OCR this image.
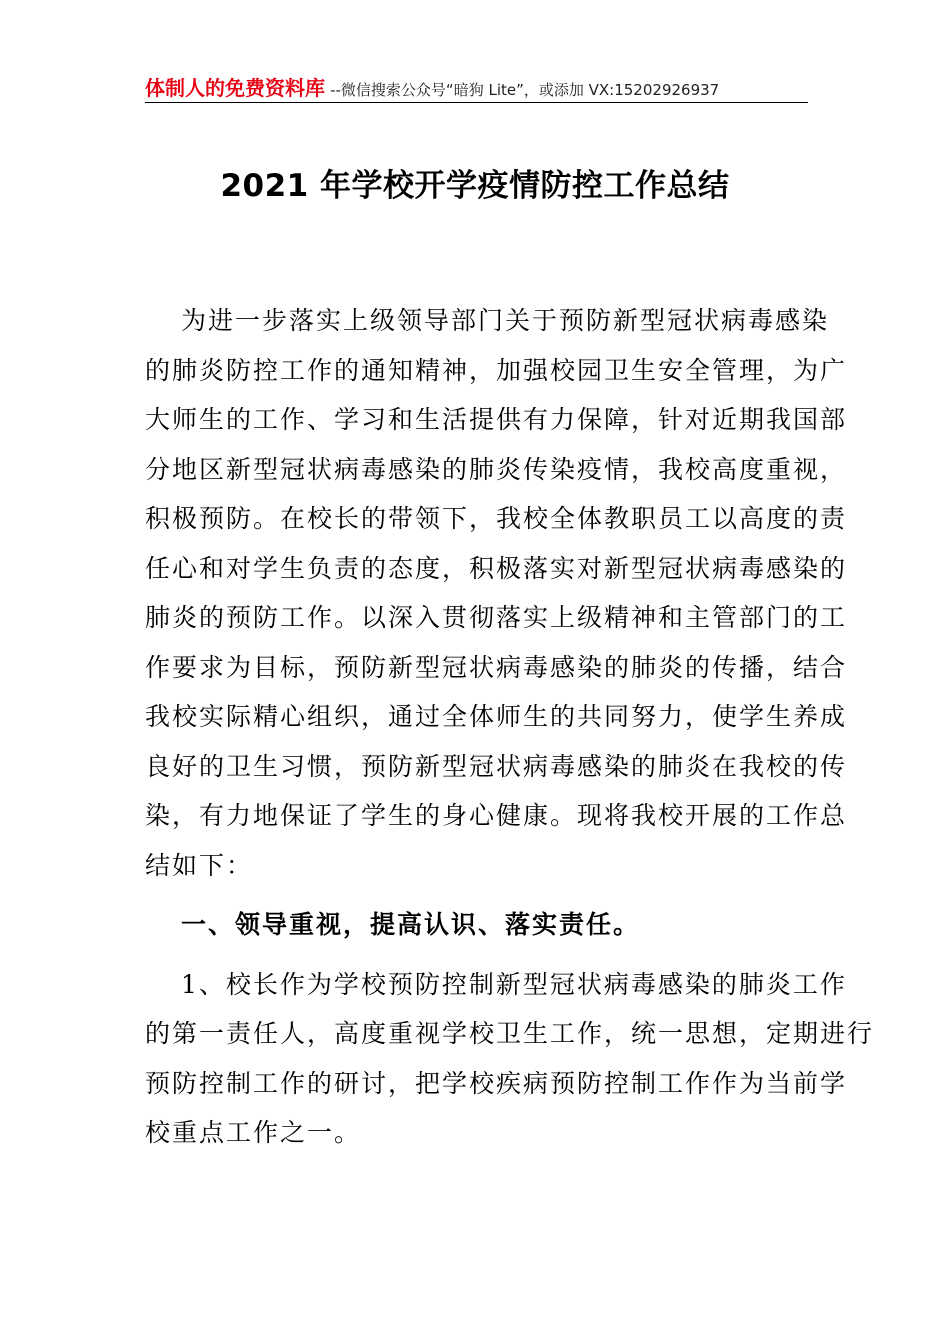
体制人的免费资料库 --微信搜索公众号“暗狗 Lite”，或添加 VX:15202926937
2021 年学校开学疫情防控工作总结
为进一步落实上级领导部门关于预防新型冠状病毒感染
的肺炎防控工作的通知精神，加强校园卫生安全管理，为广
大师生的工作、学习和生活提供有力保障，针对近期我国部
分地区新型冠状病毒感染的肺炎传染疫情，我校高度重视，
积极预防。在校长的带领下，我校全体教职员工以高度的责
任心和对学生负责的态度，积极落实对新型冠状病毒感染的
肺炎的预防工作。以深入贯彻落实上级精神和主管部门的工
作要求为目标，预防新型冠状病毒感染的肺炎的传播，结合
我校实际精心组织，通过全体师生的共同努力，使学生养成
良好的卫生习惯，预防新型冠状病毒感染的肺炎在我校的传
染，有力地保证了学生的身心健康。现将我校开展的工作总
结如下：
一、领导重视，提高认识、落实责任。
1、校长作为学校预防控制新型冠状病毒感染的肺炎工作
的第一责任人，高度重视学校卫生工作，统一思想，定期进行
预防控制工作的研讨，把学校疾病预防控制工作作为当前学
校重点工作之一。
